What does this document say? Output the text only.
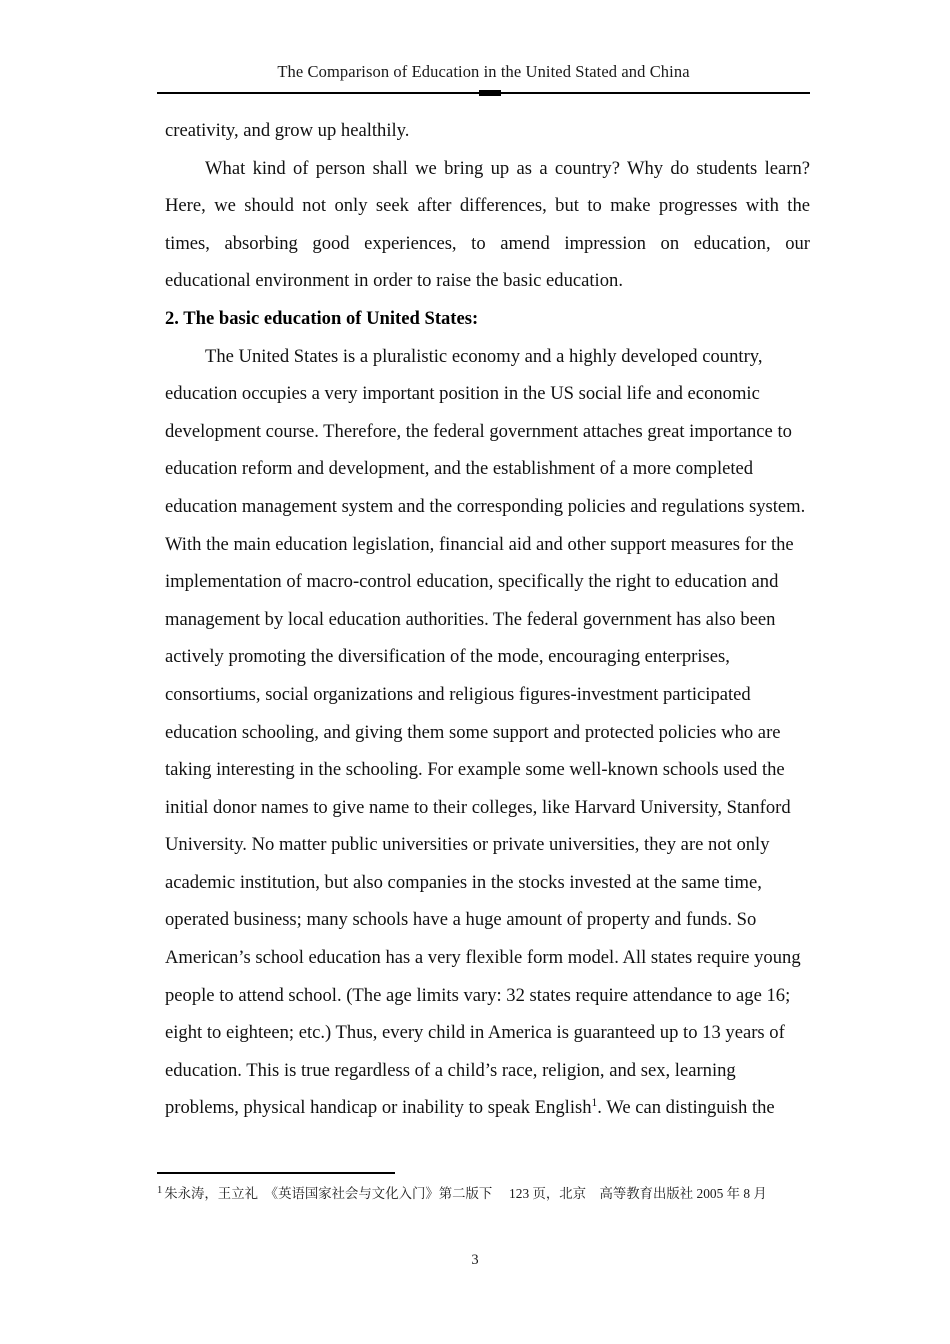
The Comparison of Education in the United Stated and China

creativity, and grow up healthily.

What kind of person shall we bring up as a country? Why do students learn? Here, we should not only seek after differences, but to make progresses with the times, absorbing good experiences, to amend impression on education, our educational environment in order to raise the basic education.

2. The basic education of United States:

The United States is a pluralistic economy and a highly developed country, education occupies a very important position in the US social life and economic development course. Therefore, the federal government attaches great importance to education reform and development, and the establishment of a more completed education management system and the corresponding policies and regulations system. With the main education legislation, financial aid and other support measures for the implementation of macro-control education, specifically the right to education and management by local education authorities. The federal government has also been actively promoting the diversification of the mode, encouraging enterprises, consortiums, social organizations and religious figures-investment participated education schooling, and giving them some support and protected policies who are taking interesting in the schooling. For example some well-known schools used the initial donor names to give name to their colleges, like Harvard University, Stanford University. No matter public universities or private universities, they are not only academic institution, but also companies in the stocks invested at the same time, operated business; many schools have a huge amount of property and funds. So American’s school education has a very flexible form model. All states require young people to attend school. (The age limits vary: 32 states require attendance to age 16; eight to eighteen; etc.) Thus, every child in America is guaranteed up to 13 years of education. This is true regardless of a child’s race, religion, and sex, learning problems, physical handicap or inability to speak English$^1$. We can distinguish the

$^1$ 朱永涛，王立礼　《英语国家社会与文化入门》第二版下　 123 页，北京　高等教育出版社 2005 年 8 月

3
